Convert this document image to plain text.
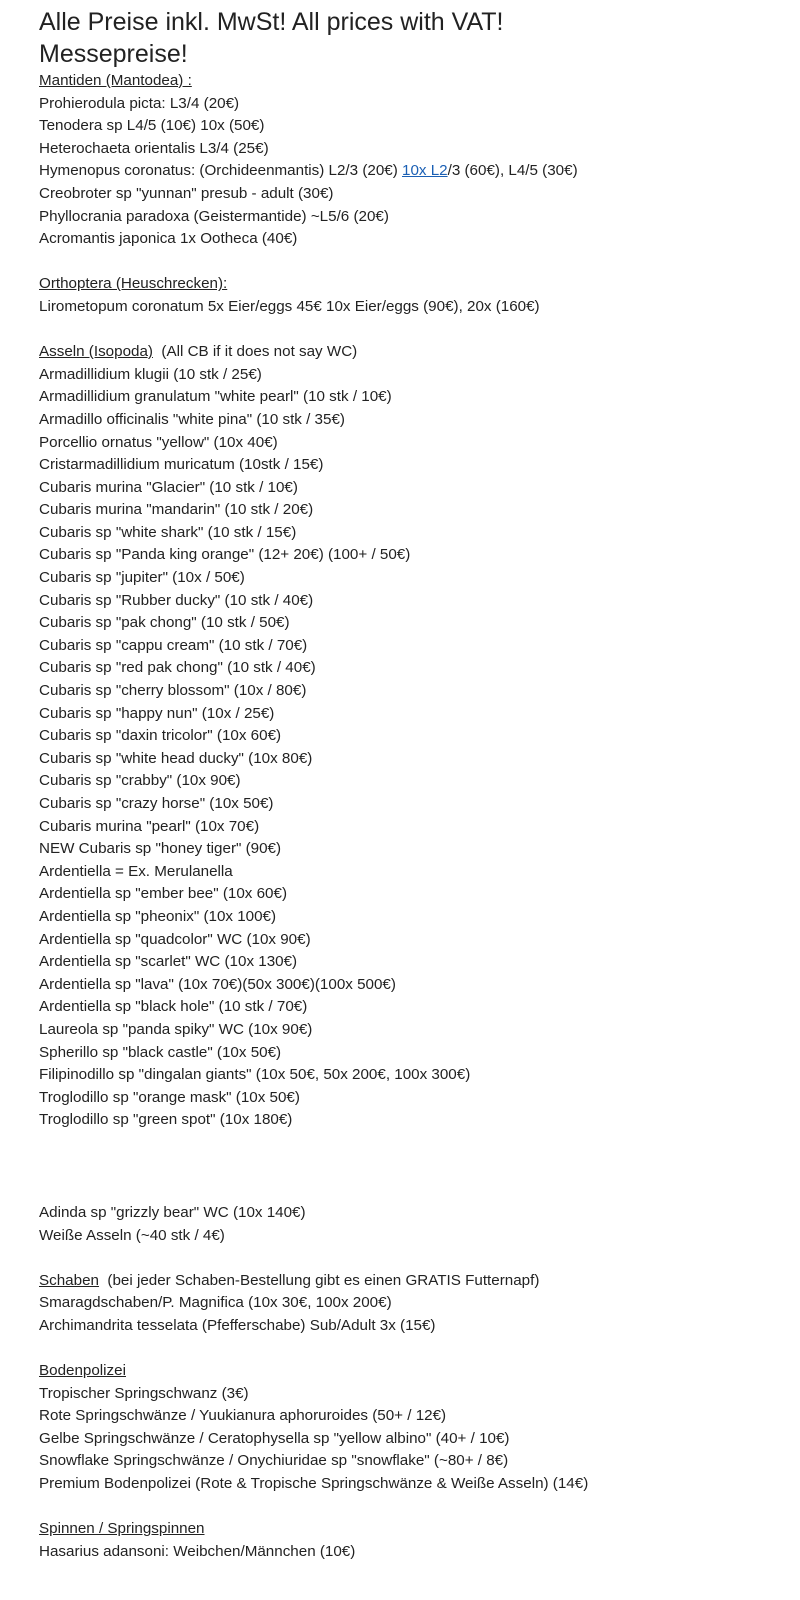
Alle Preise inkl. MwSt! All prices with VAT!
Messepreise!
Mantiden (Mantodea) :
Prohierodula picta: L3/4 (20€)
Tenodera sp L4/5 (10€) 10x (50€)
Heterochaeta orientalis L3/4 (25€)
Hymenopus coronatus: (Orchideenmantis) L2/3 (20€) 10x L2/3 (60€), L4/5 (30€)
Creobroter sp "yunnan" presub - adult (30€)
Phyllocrania paradoxa (Geistermantide) ~L5/6 (20€)
Acromantis japonica 1x Ootheca (40€)
Orthoptera (Heuschrecken):
Lirometopum coronatum 5x Eier/eggs 45€ 10x Eier/eggs (90€), 20x (160€)
Asseln (Isopoda) (All CB if it does not say WC)
Armadillidium klugii (10 stk / 25€)
Armadillidium granulatum "white pearl" (10 stk / 10€)
Armadillo officinalis "white pina" (10 stk / 35€)
Porcellio ornatus "yellow" (10x 40€)
Cristarmadillidium muricatum (10stk / 15€)
Cubaris murina "Glacier" (10 stk / 10€)
Cubaris murina "mandarin" (10 stk / 20€)
Cubaris sp "white shark" (10 stk / 15€)
Cubaris sp "Panda king orange" (12+ 20€) (100+ / 50€)
Cubaris sp "jupiter" (10x / 50€)
Cubaris sp "Rubber ducky" (10 stk / 40€)
Cubaris sp "pak chong" (10 stk / 50€)
Cubaris sp "cappu cream" (10 stk / 70€)
Cubaris sp "red pak chong" (10 stk / 40€)
Cubaris sp "cherry blossom" (10x / 80€)
Cubaris sp "happy nun" (10x / 25€)
Cubaris sp "daxin tricolor" (10x 60€)
Cubaris sp "white head ducky" (10x 80€)
Cubaris sp "crabby" (10x 90€)
Cubaris sp "crazy horse" (10x 50€)
Cubaris murina "pearl" (10x 70€)
NEW Cubaris sp "honey tiger" (90€)
Ardentiella = Ex. Merulanella
Ardentiella sp "ember bee" (10x 60€)
Ardentiella sp "pheonix" (10x 100€)
Ardentiella sp "quadcolor" WC (10x 90€)
Ardentiella sp "scarlet" WC (10x 130€)
Ardentiella sp "lava" (10x 70€)(50x 300€)(100x 500€)
Ardentiella sp "black hole" (10 stk / 70€)
Laureola sp "panda spiky" WC (10x 90€)
Spherillo sp "black castle" (10x 50€)
Filipinodillo sp "dingalan giants" (10x 50€, 50x 200€, 100x 300€)
Troglodillo sp "orange mask" (10x 50€)
Troglodillo sp "green spot" (10x 180€)
Adinda sp "grizzly bear" WC (10x 140€)
Weiße Asseln (~40 stk / 4€)
Schaben (bei jeder Schaben-Bestellung gibt es einen GRATIS Futternapf)
Smaragdschaben/P. Magnifica (10x 30€, 100x 200€)
Archimandrita tesselata (Pfefferschabe) Sub/Adult 3x (15€)
Bodenpolizei
Tropischer Springschwanz (3€)
Rote Springschwänze / Yuukianura aphoruroides (50+ / 12€)
Gelbe Springschwänze / Ceratophysella sp "yellow albino" (40+ / 10€)
Snowflake Springschwänze / Onychiuridae sp "snowflake" (~80+ / 8€)
Premium Bodenpolizei (Rote & Tropische Springschwänze & Weiße Asseln) (14€)
Spinnen / Springspinnen
Hasarius adansoni: Weibchen/Männchen (10€)
